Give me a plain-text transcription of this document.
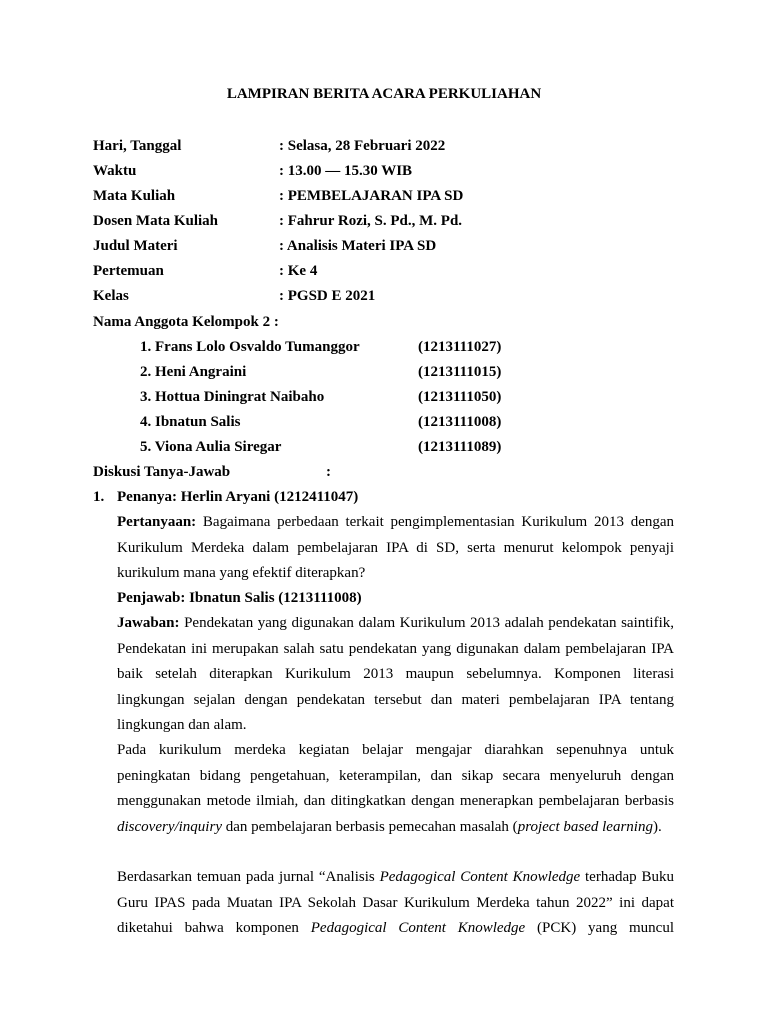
LAMPIRAN BERITA ACARA PERKULIAHAN
Hari, Tanggal	: Selasa, 28 Februari 2022
Waktu	: 13.00 — 15.30 WIB
Mata Kuliah	: PEMBELAJARAN IPA SD
Dosen Mata Kuliah	: Fahrur Rozi, S. Pd., M. Pd.
Judul Materi	: Analisis Materi IPA SD
Pertemuan	: Ke 4
Kelas	: PGSD E 2021
Nama Anggota Kelompok 2 :
1. Frans Lolo Osvaldo Tumanggor	(1213111027)
2. Heni Angraini	(1213111015)
3. Hottua Diningrat Naibaho	(1213111050)
4. Ibnatun Salis	(1213111008)
5. Viona Aulia Siregar	(1213111089)
Diskusi Tanya-Jawab	:
1. Penanya: Herlin Aryani (1212411047)

Pertanyaan: Bagaimana perbedaan terkait pengimplementasian Kurikulum 2013 dengan Kurikulum Merdeka dalam pembelajaran IPA di SD, serta menurut kelompok penyaji kurikulum mana yang efektif diterapkan?

Penjawab: Ibnatun Salis (1213111008)

Jawaban: Pendekatan yang digunakan dalam Kurikulum 2013 adalah pendekatan saintifik, Pendekatan ini merupakan salah satu pendekatan yang digunakan dalam pembelajaran IPA baik setelah diterapkan Kurikulum 2013 maupun sebelumnya. Komponen literasi lingkungan sejalan dengan pendekatan tersebut dan materi pembelajaran IPA tentang lingkungan dan alam.

Pada kurikulum merdeka kegiatan belajar mengajar diarahkan sepenuhnya untuk peningkatan bidang pengetahuan, keterampilan, dan sikap secara menyeluruh dengan menggunakan metode ilmiah, dan ditingkatkan dengan menerapkan pembelajaran berbasis discovery/inquiry dan pembelajaran berbasis pemecahan masalah (project based learning).

Berdasarkan temuan pada jurnal “Analisis Pedagogical Content Knowledge terhadap Buku Guru IPAS pada Muatan IPA Sekolah Dasar Kurikulum Merdeka tahun 2022” ini dapat diketahui bahwa komponen Pedagogical Content Knowledge (PCK) yang muncul
